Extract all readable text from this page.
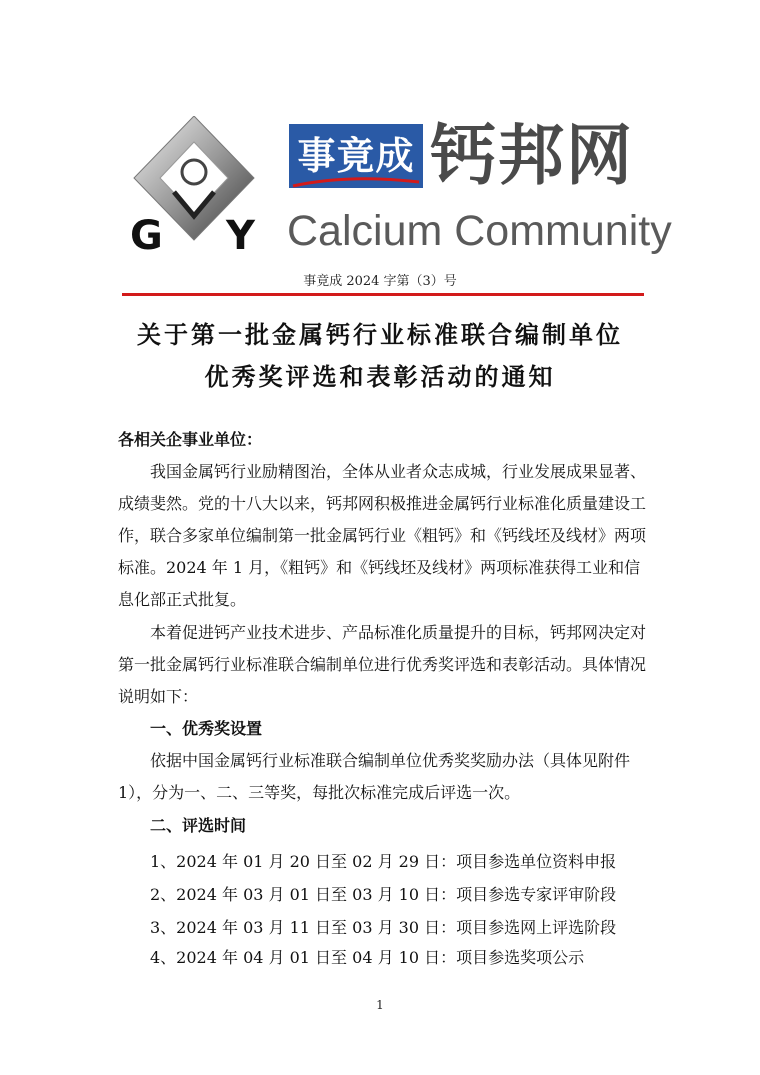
G Y
事竟成 钙邦网
Calcium Community
事竟成 2024 字第（3）号
关于第一批金属钙行业标准联合编制单位
优秀奖评选和表彰活动的通知
各相关企事业单位：
我国金属钙行业励精图治，全体从业者众志成城，行业发展成果显著、成绩斐然。党的十八大以来，钙邦网积极推进金属钙行业标准化质量建设工作，联合多家单位编制第一批金属钙行业《粗钙》和《钙线坯及线材》两项标准。2024 年 1 月，《粗钙》和《钙线坯及线材》两项标准获得工业和信息化部正式批复。
本着促进钙产业技术进步、产品标准化质量提升的目标，钙邦网决定对第一批金属钙行业标准联合编制单位进行优秀奖评选和表彰活动。具体情况说明如下：
一、优秀奖设置
依据中国金属钙行业标准联合编制单位优秀奖奖励办法（具体见附件 1），分为一、二、三等奖，每批次标准完成后评选一次。
二、评选时间
1、2024 年 01 月 20 日至 02 月 29 日：项目参选单位资料申报
2、2024 年 03 月 01 日至 03 月 10 日：项目参选专家评审阶段
3、2024 年 03 月 11 日至 03 月 30 日：项目参选网上评选阶段
4、2024 年 04 月 01 日至 04 月 10 日：项目参选奖项公示
1
